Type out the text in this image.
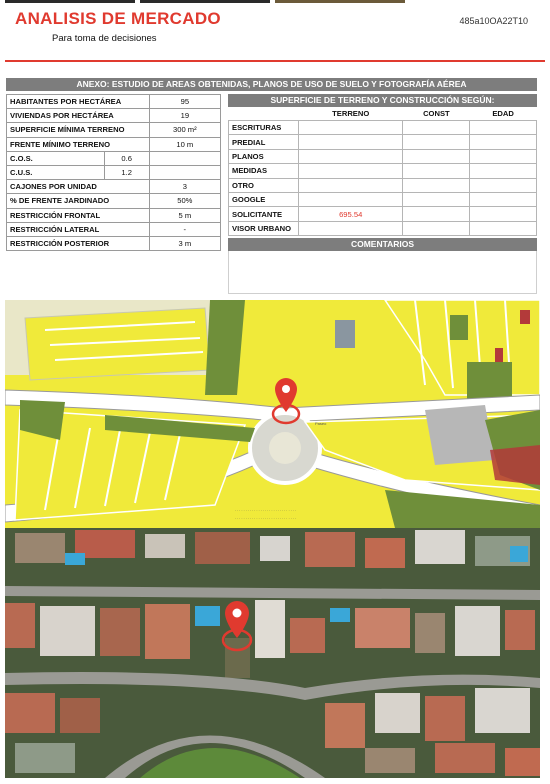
ANALISIS DE MERCADO
Para toma de decisiones
485a10OA22T10
ANEXO: ESTUDIO DE AREAS OBTENIDAS, PLANOS DE USO DE SUELO Y FOTOGRAFÍA AÉREA
HABITANTES POR HECTÁREA		95
VIVIENDAS POR HECTÁREA		19
SUPERFICIE MÍNIMA TERRENO		300 m²
FRENTE MÍNIMO TERRENO		10 m
C.O.S.	0.6	
C.U.S.	1.2	
CAJONES POR UNIDAD		3
% DE FRENTE JARDINADO		50%
RESTRICCIÓN FRONTAL		5 m
RESTRICCIÓN LATERAL		-
RESTRICCIÓN POSTERIOR		3 m
SUPERFICIE DE TERRENO Y CONSTRUCCIÓN SEGÚN:
	TERRENO	CONST	EDAD
ESCRITURAS			
PREDIAL			
PLANOS			
MEDIDAS			
OTRO			
GOOGLE			
SOLICITANTE	695.54		
VISOR URBANO			
COMENTARIOS
Paseo
· · · · · · · · · · · · · · · · · · · · · · · · · · · · ·
· · · · · · · · · · · · · · · · · · · · · · · · · · · · ·
